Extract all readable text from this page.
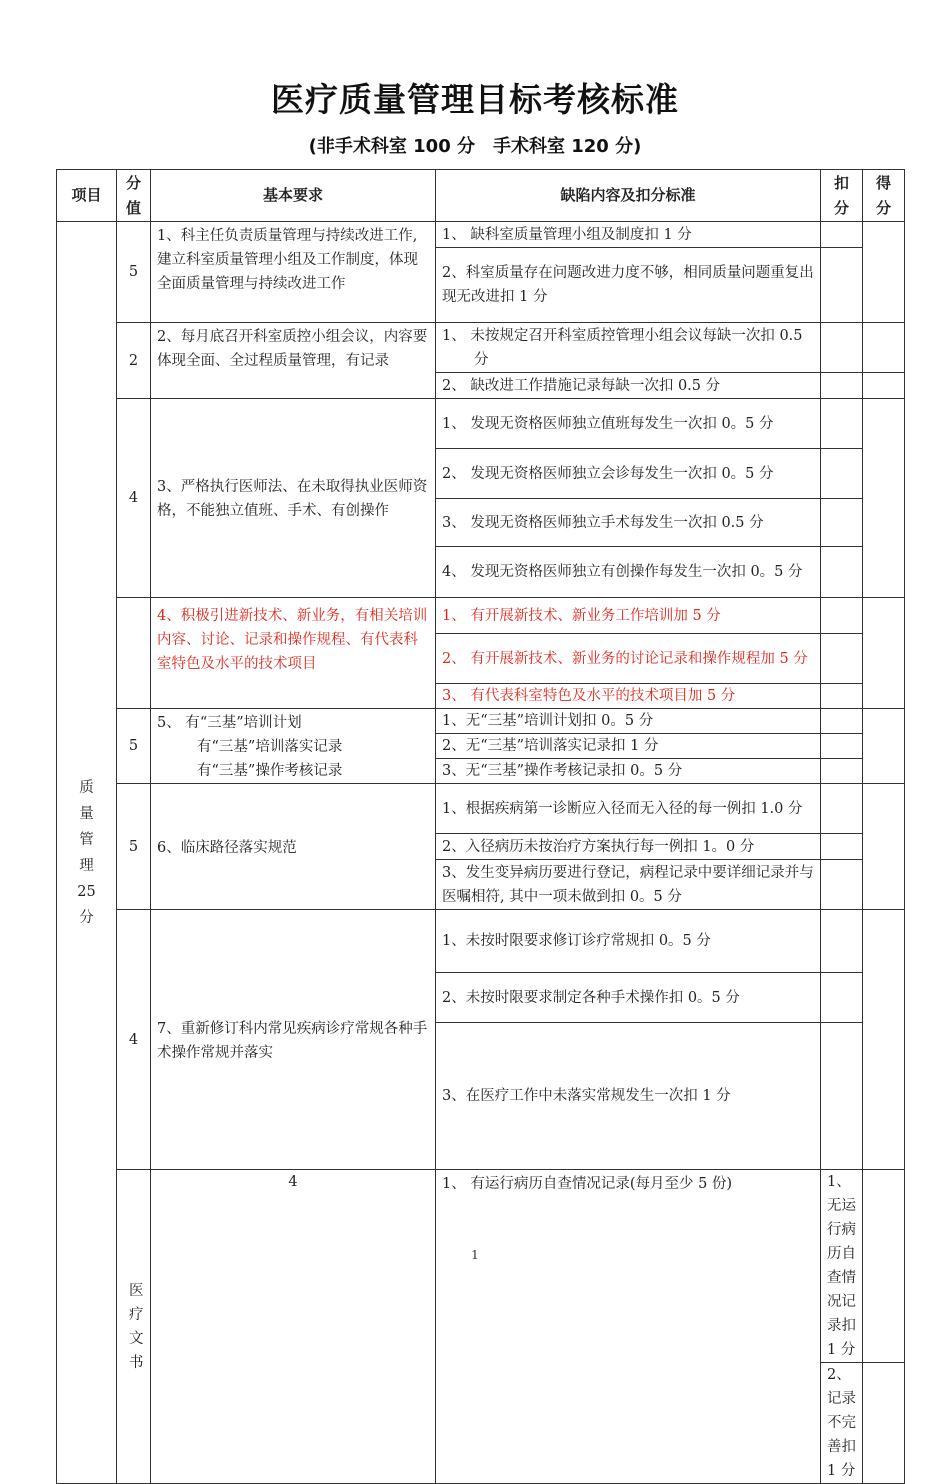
医疗质量管理目标考核标准
(非手术科室 100 分　手术科室 120 分)
项目	分值	基本要求	缺陷内容及扣分标准	扣分	得分	
质量管理25分	5	1、科主任负责质量管理与持续改进工作,建立科室质量管理小组及工作制度，体现全面质量管理与持续改进工作	1、 缺科室质量管理小组及制度扣 1 分			
			2、科室质量存在问题改进力度不够，相同质量问题重复出现无改进扣 1 分			
	2	2、每月底召开科室质控小组会议，内容要体现全面、全过程质量管理，有记录	1、 未按规定召开科室质控管理小组会议每缺一次扣 0.5 分			
			2、 缺改进工作措施记录每缺一次扣 0.5 分			
	4	3、严格执行医师法、在未取得执业医师资格，不能独立值班、手术、有创操作	1、 发现无资格医师独立值班每发生一次扣 0。5 分			
			2、 发现无资格医师独立会诊每发生一次扣 0。5 分			
			3、 发现无资格医师独立手术每发生一次扣 0.5 分			
			4、 发现无资格医师独立有创操作每发生一次扣 0。5 分			
		4、积极引进新技术、新业务，有相关培训内容、讨论、记录和操作规程、有代表科室特色及水平的技术项目	1、 有开展新技术、新业务工作培训加 5 分			
			2、 有开展新技术、新业务的讨论记录和操作规程加 5 分			
			3、 有代表科室特色及水平的技术项目加 5 分			
	5	5、 有“三基”培训计划
有“三基”培训落实记录
有“三基”操作考核记录	1、无“三基”培训计划扣 0。5 分			
			2、无“三基”培训落实记录扣 1 分			
			3、无“三基”操作考核记录扣 0。5 分			
	5	6、临床路径落实规范	1、根据疾病第一诊断应入径而无入径的每一例扣 1.0 分			
			2、入径病历未按治疗方案执行每一例扣 1。0 分			
			3、发生变异病历要进行登记，病程记录中要详细记录并与医嘱相符, 其中一项未做到扣 0。5 分			
	4	7、重新修订科内常见疾病诊疗常规各种手术操作常规并落实	1、未按时限要求修订诊疗常规扣 0。5 分			
			2、未按时限要求制定各种手术操作扣 0。5 分			
			3、在医疗工作中未落实常规发生一次扣 1 分			
	医疗文书	4	1、 有运行病历自查情况记录(每月至少 5 份)	1、无运行病历自查情况记录扣 1 分		
				2、记录不完善扣 1 分		
1
